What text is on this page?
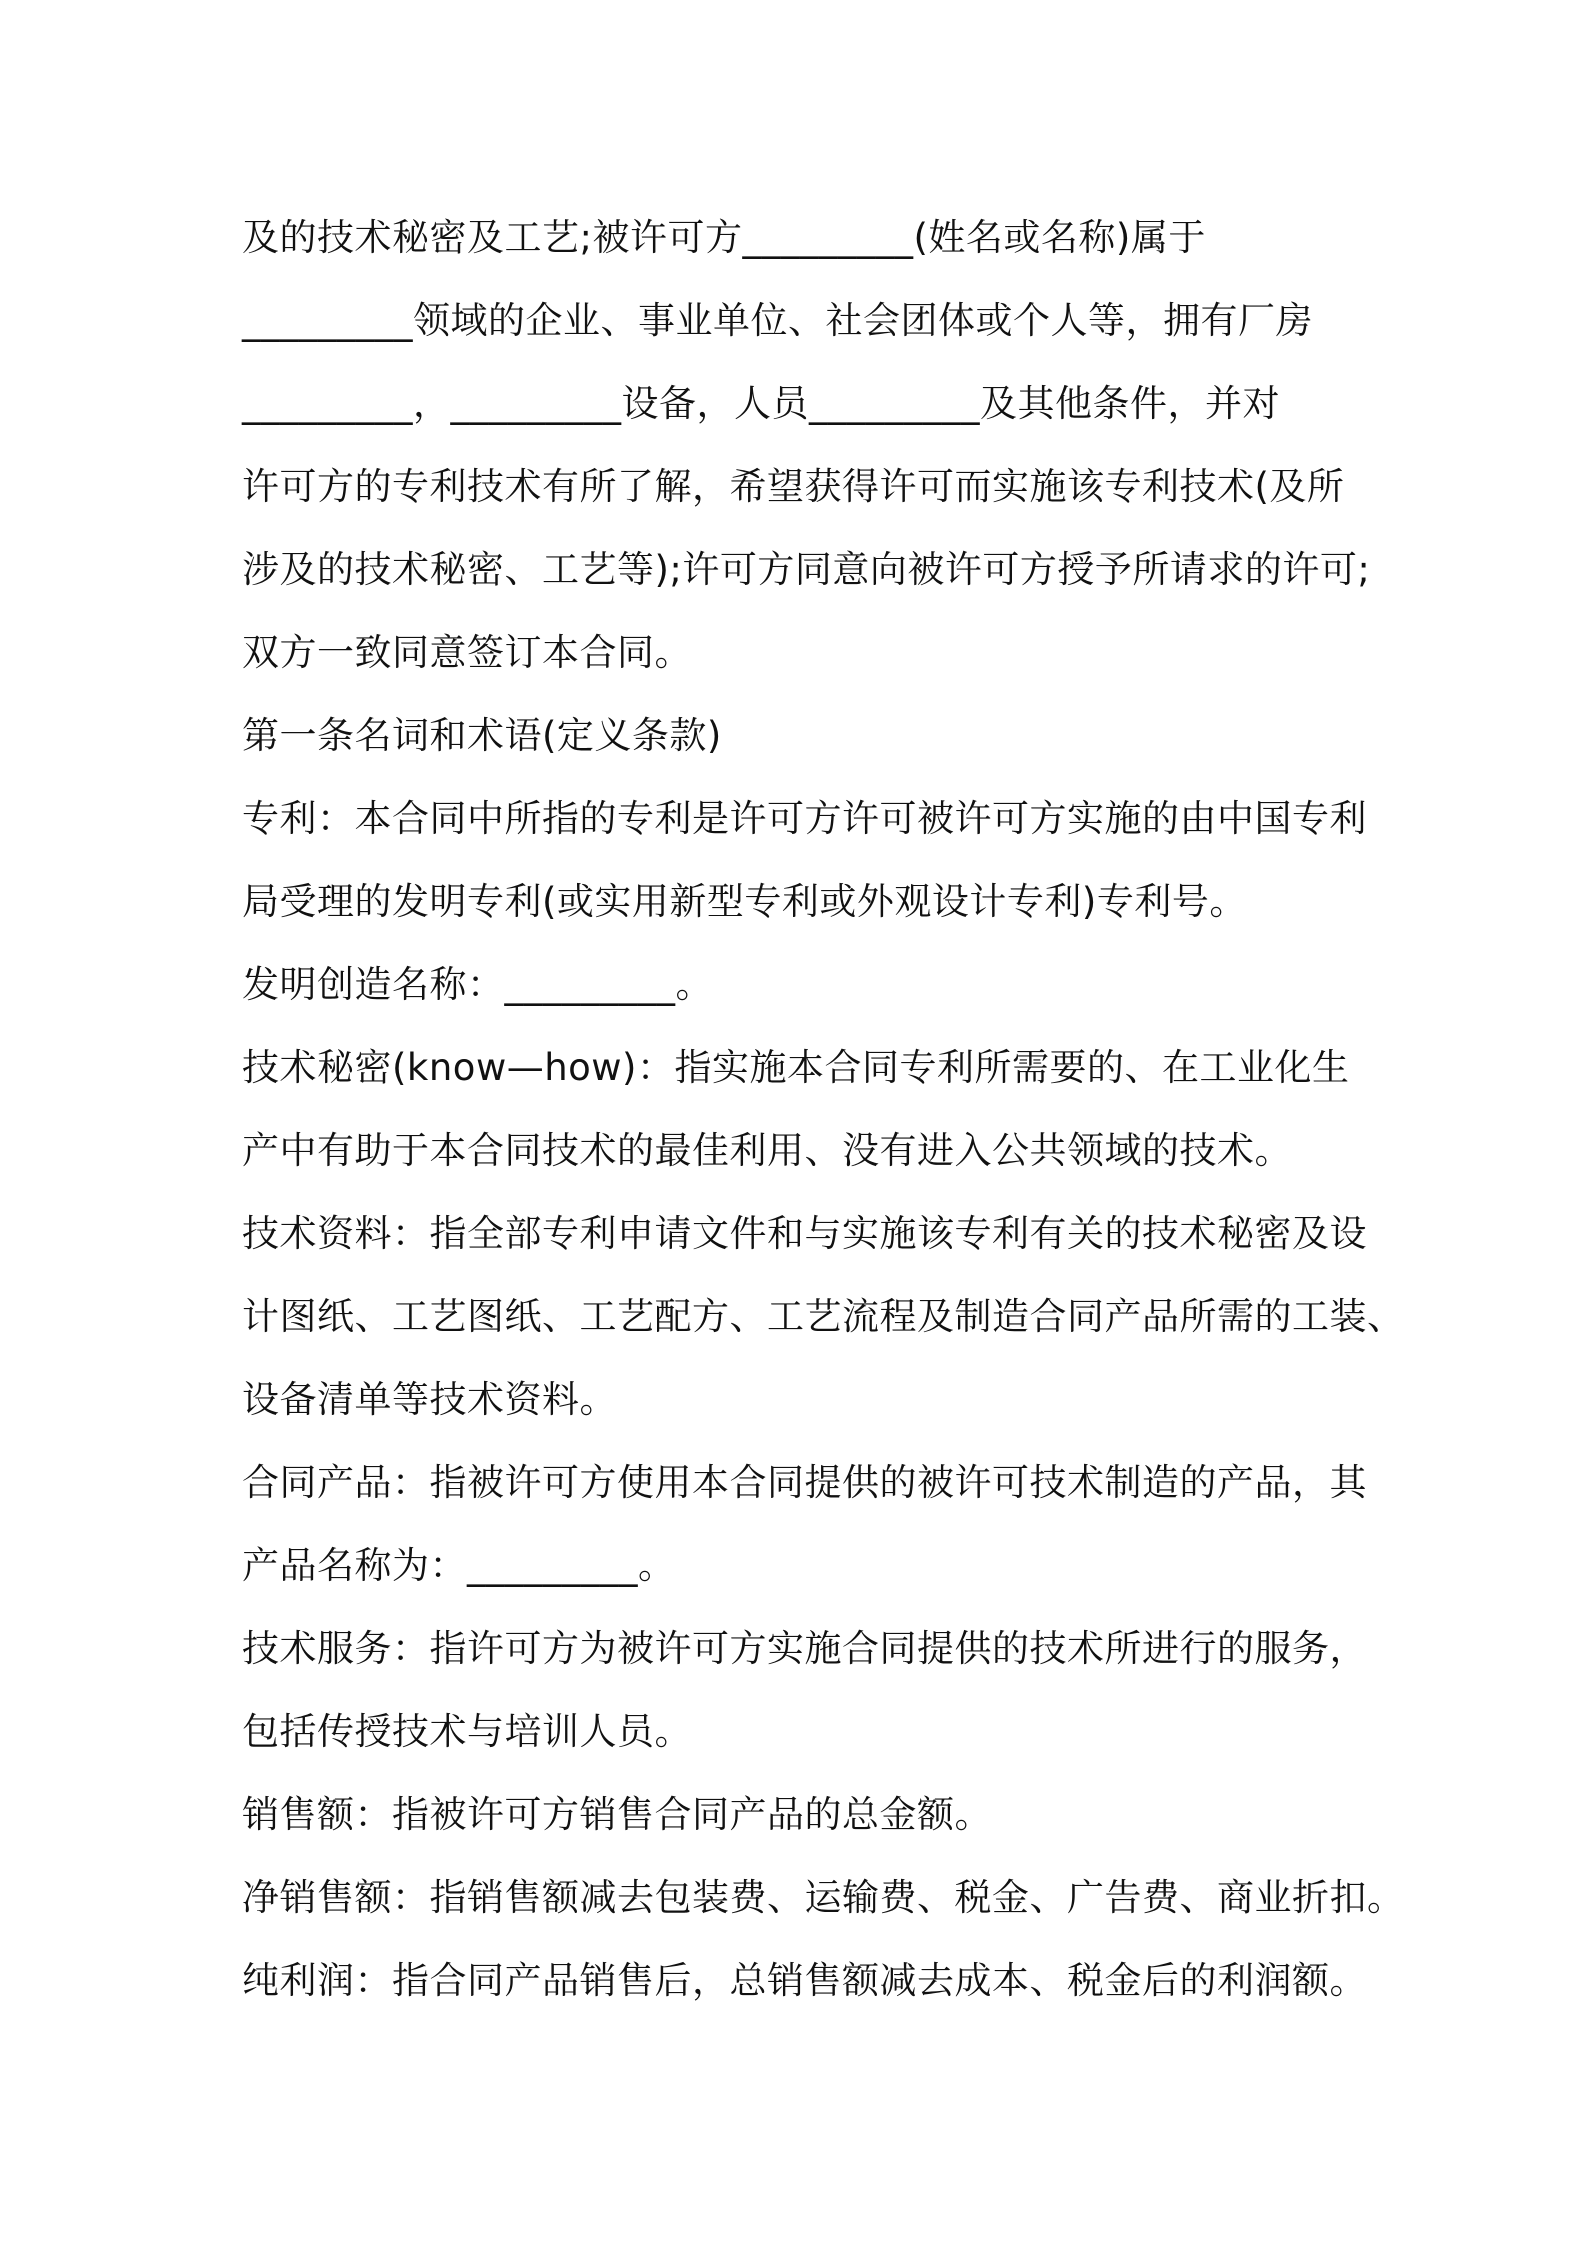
及的技术秘密及工艺;被许可方_________(姓名或名称)属于
_________领域的企业、事业单位、社会团体或个人等，拥有厂房
_________，_________设备，人员_________及其他条件，并对
许可方的专利技术有所了解，希望获得许可而实施该专利技术(及所
涉及的技术秘密、工艺等);许可方同意向被许可方授予所请求的许可;
双方一致同意签订本合同。
第一条名词和术语(定义条款)
专利：本合同中所指的专利是许可方许可被许可方实施的由中国专利
局受理的发明专利(或实用新型专利或外观设计专利)专利号。
发明创造名称：_________。
技术秘密(know—how)：指实施本合同专利所需要的、在工业化生
产中有助于本合同技术的最佳利用、没有进入公共领域的技术。
技术资料：指全部专利申请文件和与实施该专利有关的技术秘密及设
计图纸、工艺图纸、工艺配方、工艺流程及制造合同产品所需的工装、
设备清单等技术资料。
合同产品：指被许可方使用本合同提供的被许可技术制造的产品，其
产品名称为：_________。
技术服务：指许可方为被许可方实施合同提供的技术所进行的服务，
包括传授技术与培训人员。
销售额：指被许可方销售合同产品的总金额。
净销售额：指销售额减去包装费、运输费、税金、广告费、商业折扣。
纯利润：指合同产品销售后，总销售额减去成本、税金后的利润额。
